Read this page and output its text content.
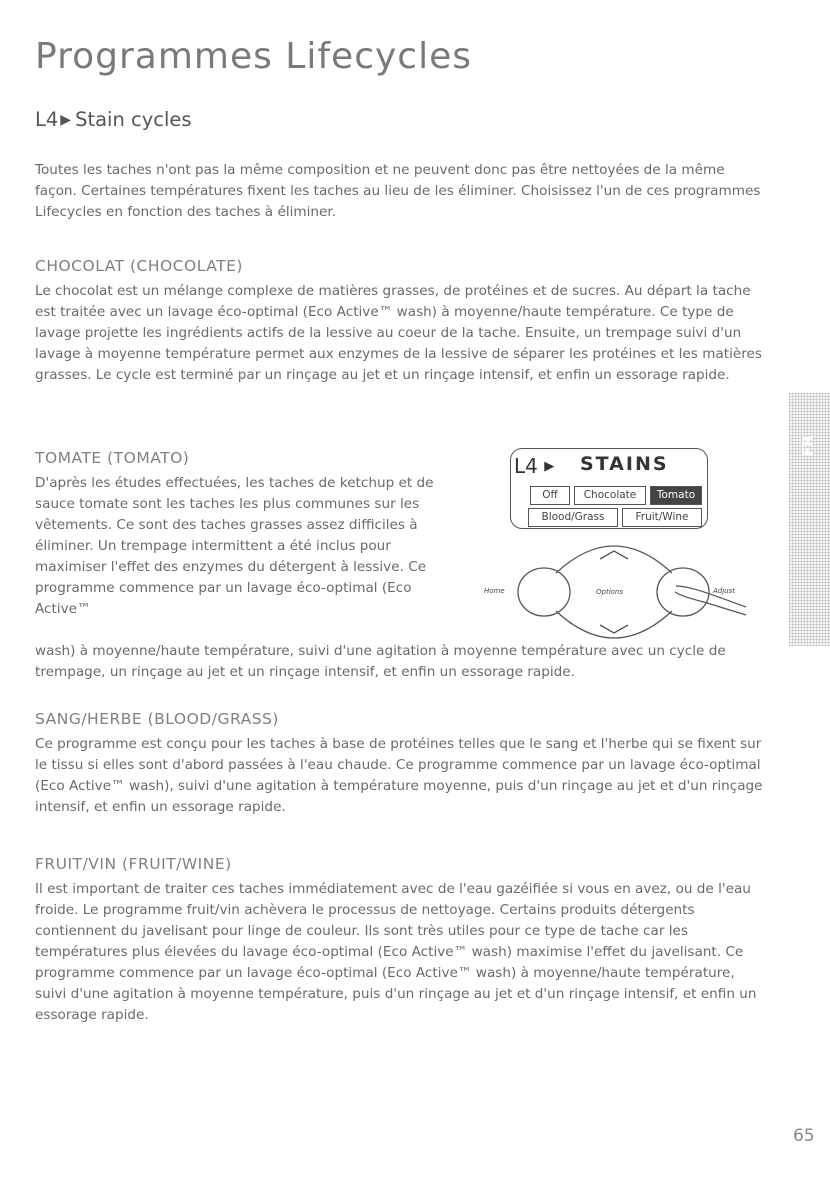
Programmes Lifecycles
L4 ▶ Stain cycles

Toutes les taches n'ont pas la même composition et ne peuvent donc pas être nettoyées de la même façon. Certaines températures fixent les taches au lieu de les éliminer. Choisissez l'un de ces programmes Lifecycles en fonction des taches à éliminer.

CHOCOLAT (CHOCOLATE)

Le chocolat est un mélange complexe de matières grasses, de protéines et de sucres. Au départ la tache est traitée avec un lavage éco-optimal (Eco Active™ wash) à moyenne/haute température. Ce type de lavage projette les ingrédients actifs de la lessive au coeur de la tache. Ensuite, un trempage suivi d'un lavage à moyenne température permet aux enzymes de la lessive de séparer les protéines et les matières grasses. Le cycle est terminé par un rinçage au jet et un rinçage intensif, et enfin un essorage rapide.

TOMATE (TOMATO)

D'après les études effectuées, les taches de ketchup et de sauce tomate sont les taches les plus communes sur les vêtements. Ce sont des taches grasses assez difficiles à éliminer. Un trempage intermittent a été inclus pour maximiser l'effet des enzymes du détergent à lessive. Ce programme commence par un lavage éco-optimal (Eco Active™

wash) à moyenne/haute température, suivi d'une agitation à moyenne température avec un cycle de trempage, un rinçage au jet et un rinçage intensif, et enfin un essorage rapide.

L4 ▶ STAINS
Off	Chocolate	Tomato
Blood/Grass	Fruit/Wine
Home	Options	Adjust
SANG/HERBE (BLOOD/GRASS)

Ce programme est conçu pour les taches à base de protéines telles que le sang et l'herbe qui se fixent sur le tissu si elles sont d'abord passées à l'eau chaude. Ce programme commence par un lavage éco-optimal (Eco Active™ wash), suivi d'une agitation à température moyenne, puis d'un rinçage au jet et d'un rinçage intensif, et enfin un essorage rapide.

FRUIT/VIN (FRUIT/WINE)

Il est important de traiter ces taches immédiatement avec de l'eau gazéifiée si vous en avez, ou de l'eau froide. Le programme fruit/vin achèvera le processus de nettoyage. Certains produits détergents contiennent du javelisant pour linge de couleur. Ils sont très utiles pour ce type de tache car les températures plus élevées du lavage éco-optimal (Eco Active™ wash) maximise l'effet du javelisant. Ce programme commence par un lavage éco-optimal (Eco Active™ wash) à moyenne/haute température, suivi d'une agitation à moyenne température, puis d'un rinçage au jet et d'un rinçage intensif, et enfin un essorage rapide.

FR
65
